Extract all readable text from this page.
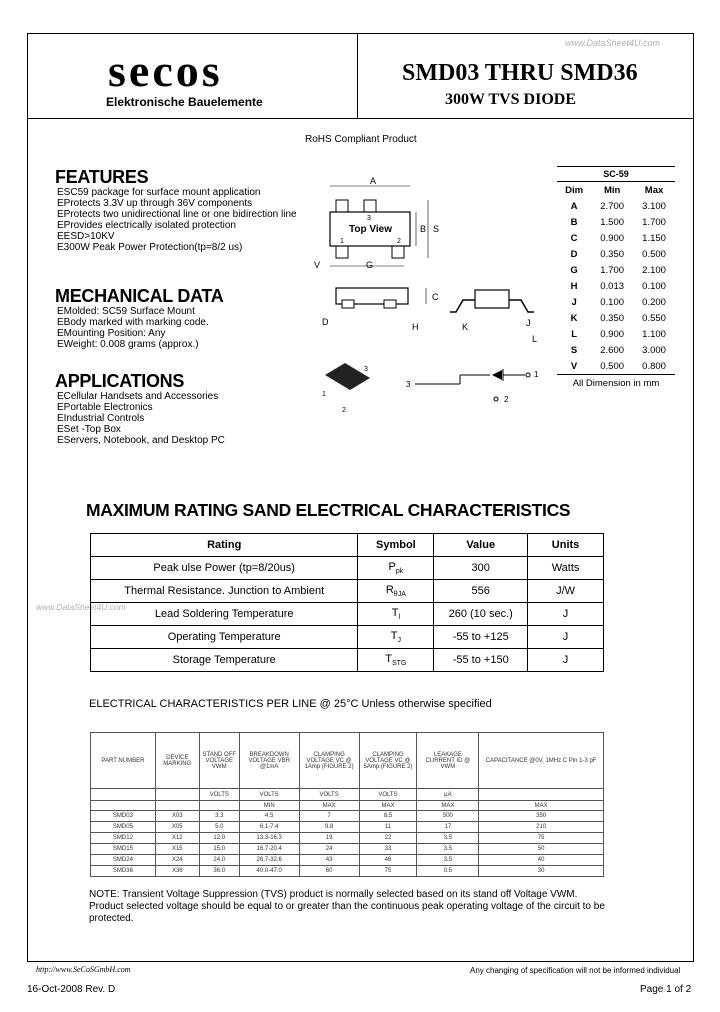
www.DataSheet4U.com
secos
Elektronische Bauelemente
SMD03 THRU SMD36
300W TVS DIODE
RoHS Compliant Product
FEATURES
ESC59 package for surface mount application
EProtects 3.3V up through 36V components
EProtects two unidirectional line or one bidirection line
EProvides electrically isolated protection
EESD>10KV
E300W Peak Power Protection(tp=8/2 us)
MECHANICAL DATA
EMolded: SC59 Surface Mount
EBody marked with marking code.
EMounting Position: Any
EWeight: 0.008 grams (approx.)
APPLICATIONS
ECellular Handsets and Accessories
EPortable Electronics
EIndustrial Controls
ESet -Top Box
EServers, Notebook, and Desktop PC
A
Top View
3
1	2
B S
V	G
C
D	H	K	J
L
3
1
2
3
1
2
SC-59
Dim	Min	Max
A	2.700	3.100
B	1.500	1.700
C	0.900	1.150
D	0.350	0.500
G	1.700	2.100
H	0.013	0.100
J	0.100	0.200
K	0.350	0.550
L	0.900	1.100
S	2.600	3.000
V	0.500	0.800
All Dimension in mm
MAXIMUM RATING SAND ELECTRICAL CHARACTERISTICS
www.DataSheet4U.com
Rating	Symbol	Value	Units
Peak ulse Power (tp=8/20us)	$P_{pk}$	300	Watts
Thermal Resistance. Junction to Ambient	$R_{\theta JA}$	556	J/W
Lead Soldering Temperature	$T_l$	260 (10 sec.)	J
Operating Temperature	$T_J$	-55 to +125	J
Storage Temperature	$T_{STG}$	-55 to +150	J
ELECTRICAL CHARACTERISTICS PER LINE @ 25°C Unless otherwise specified
PART NUMBER	DEVICE MARKING	STAND OFF VOLTAGE VWM	BREAKDOWN VOLTAGE VBR @1mA	CLAMPING VOLTAGE VC @ 1Amp (FIGURE 2)	CLAMPING VOLTAGE VC @ 5Amp (FIGURE 2)	LEAKAGE CURRENT ID @ VWM	CAPACITANCE @0V, 1MHz C Pin 1-3 pF
		VOLTS	VOLTS	VOLTS	VOLTS	µA	
			MIN	MAX	MAX	MAX	MAX
SMD03	X03	3.3	4.5	7	8.5	500	350
SMD05	X05	5.0	6.1-7.4	9.8	11	17	210
SMD12	X12	12.0	13.3-16.3	19	22	3.5	75
SMD15	X15	15.0	16.7-20.4	24	33	3.5	50
SMD24	X24	24.0	26.7-32.6	43	46	3.5	40
SMD36	X36	36.0	40.0-47.0	60	75	0.5	30
NOTE: Transient Voltage Suppression (TVS) product is normally selected based on its stand off Voltage VWM. Product selected voltage should be equal to or greater than the continuous peak operating voltage of the circuit to be protected.
http://www.SeCoSGmbH.com	Any changing of specification will not be informed individual
16-Oct-2008 Rev. D	Page 1 of 2
